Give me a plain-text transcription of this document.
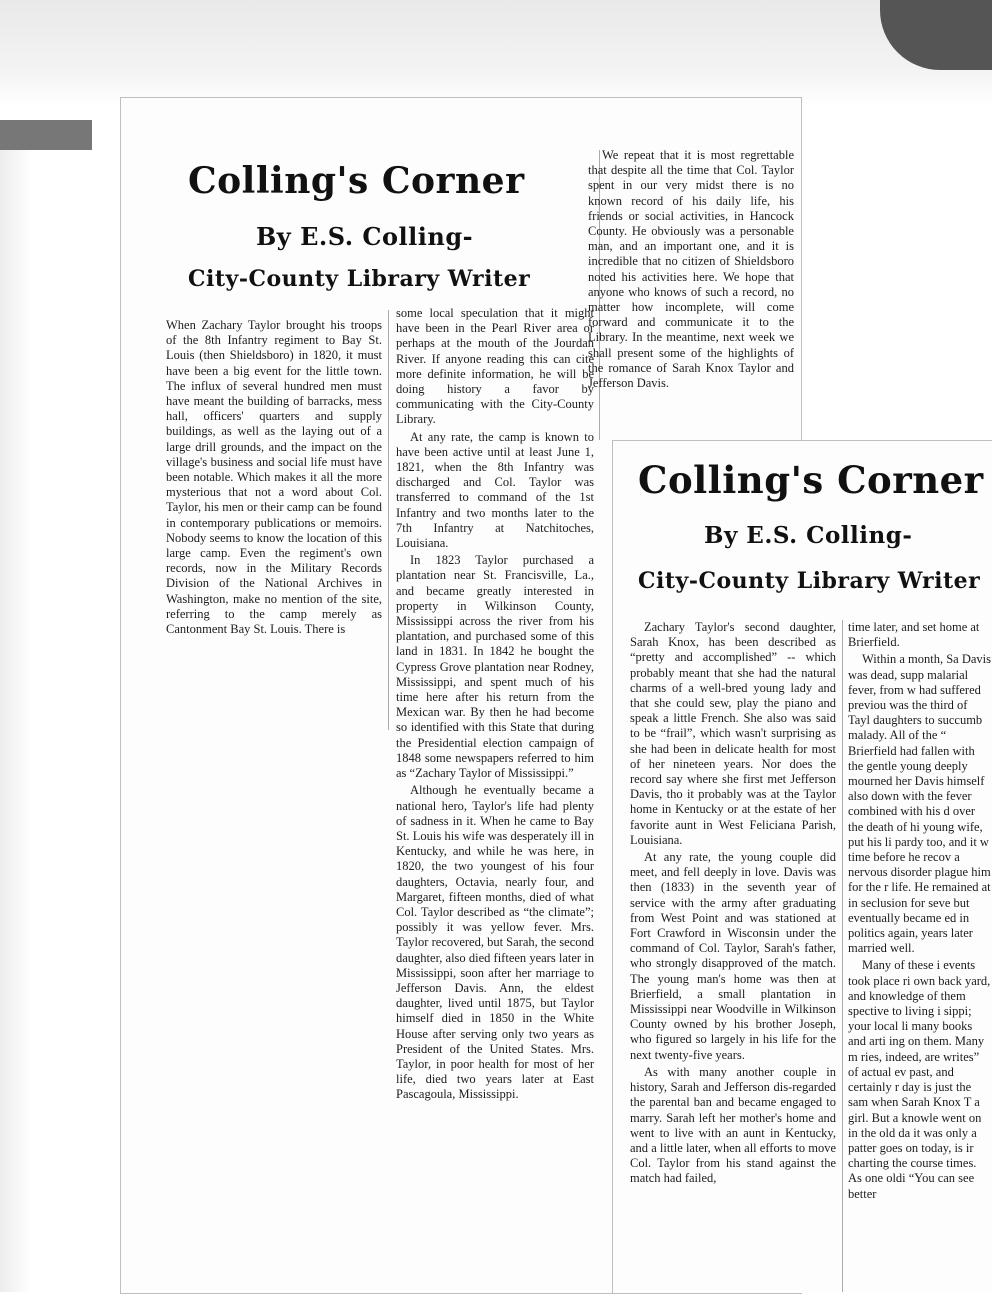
Colling's Corner
By E.S. Colling-
City-County Library Writer

When Zachary Taylor brought his troops of the 8th Infantry regiment to Bay St. Louis (then Shieldsboro) in 1820, it must have been a big event for the little town. The influx of several hundred men must have meant the building of barracks, mess hall, officers' quarters and supply buildings, as well as the laying out of a large drill grounds, and the impact on the village's business and social life must have been notable. Which makes it all the more mysterious that not a word about Col. Taylor, his men or their camp can be found in contemporary publications or memoirs. Nobody seems to know the location of this large camp. Even the regiment's own records, now in the Military Records Division of the National Archives in Washington, make no mention of the site, referring to the camp merely as Cantonment Bay St. Louis. There is

some local speculation that it might have been in the Pearl River area or perhaps at the mouth of the Jourdan River. If anyone reading this can cite more definite information, he will be doing history a favor by communicating with the City-County Library.

At any rate, the camp is known to have been active until at least June 1, 1821, when the 8th Infantry was discharged and Col. Taylor was transferred to command of the 1st Infantry and two months later to the 7th Infantry at Natchitoches, Louisiana.

In 1823 Taylor purchased a plantation near St. Francisville, La., and became greatly interested in property in Wilkinson County, Mississippi across the river from his plantation, and purchased some of this land in 1831. In 1842 he bought the Cypress Grove plantation near Rodney, Mississippi, and spent much of his time here after his return from the Mexican war. By then he had become so identified with this State that during the Presidential election campaign of 1848 some newspapers referred to him as “Zachary Taylor of Mississippi.”

Although he eventually became a national hero, Taylor's life had plenty of sadness in it. When he came to Bay St. Louis his wife was desperately ill in Kentucky, and while he was here, in 1820, the two youngest of his four daughters, Octavia, nearly four, and Margaret, fifteen months, died of what Col. Taylor described as “the climate”; possibly it was yellow fever. Mrs. Taylor recovered, but Sarah, the second daughter, also died fifteen years later in Mississippi, soon after her marriage to Jefferson Davis. Ann, the eldest daughter, lived until 1875, but Taylor himself died in 1850 in the White House after serving only two years as President of the United States. Mrs. Taylor, in poor health for most of her life, died two years later at East Pascagoula, Mississippi.

We repeat that it is most regrettable that despite all the time that Col. Taylor spent in our very midst there is no known record of his daily life, his friends or social activities, in Hancock County. He obviously was a personable man, and an important one, and it is incredible that no citizen of Shieldsboro noted his activities here. We hope that anyone who knows of such a record, no matter how incomplete, will come forward and communicate it to the Library. In the meantime, next week we shall present some of the highlights of the romance of Sarah Knox Taylor and Jefferson Davis.

Colling's Corner
By E.S. Colling-
City-County Library Writer

Zachary Taylor's second daughter, Sarah Knox, has been described as “pretty and accomplished” -- which probably meant that she had the natural charms of a well-bred young lady and that she could sew, play the piano and speak a little French. She also was said to be “frail”, which wasn't surprising as she had been in delicate health for most of her nineteen years. Nor does the record say where she first met Jefferson Davis, tho it probably was at the Taylor home in Kentucky or at the estate of her favorite aunt in West Feliciana Parish, Louisiana.

At any rate, the young couple did meet, and fell deeply in love. Davis was then (1833) in the seventh year of service with the army after graduating from West Point and was stationed at Fort Crawford in Wisconsin under the command of Col. Taylor, Sarah's father, who strongly disapproved of the match. The young man's home was then at Brierfield, a small plantation in Mississippi near Woodville in Wilkinson County owned by his brother Joseph, who figured so largely in his life for the next twenty-five years.

As with many another couple in history, Sarah and Jefferson dis-regarded the parental ban and became engaged to marry. Sarah left her mother's home and went to live with an aunt in Kentucky, and a little later, when all efforts to move Col. Taylor from his stand against the match had failed,

time later, and set home at Brierfield.

Within a month, Sa Davis was dead, supp malarial fever, from w had suffered previou was the third of Tayl daughters to succumb malady. All of the “ Brierfield had fallen with the gentle young deeply mourned her Davis himself also down with the fever combined with his d over the death of hi young wife, put his li pardy too, and it w time before he recov a nervous disorder plague him for the r life. He remained at in seclusion for seve but eventually became ed in politics again, years later married well.

Many of these i events took place ri own back yard, and knowledge of them spective to living i sippi; your local li many books and arti ing on them. Many m ries, indeed, are writes” of actual ev past, and certainly r day is just the sam when Sarah Knox T a girl. But a knowle went on in the old da it was only a patter goes on today, is ir charting the course times. As one oldi “You can see better
